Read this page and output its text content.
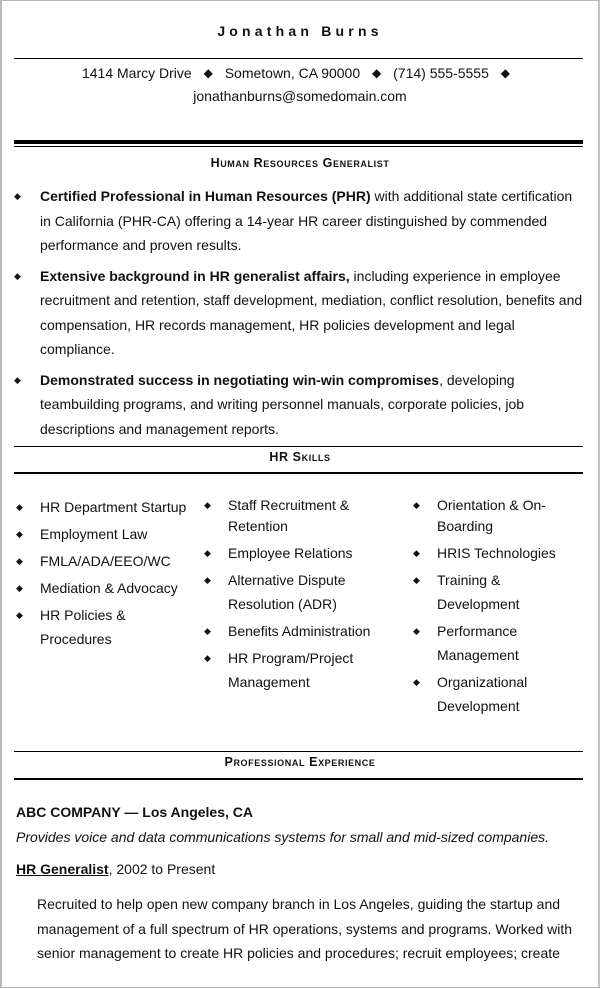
Jonathan Burns
1414 Marcy Drive ◆ Sometown, CA 90000 ◆ (714) 555-5555 ◆
jonathanburns@somedomain.com
Human Resources Generalist
◆ Certified Professional in Human Resources (PHR) with additional state certification in California (PHR-CA) offering a 14-year HR career distinguished by commended performance and proven results.
◆ Extensive background in HR generalist affairs, including experience in employee recruitment and retention, staff development, mediation, conflict resolution, benefits and compensation, HR records management, HR policies development and legal compliance.
◆ Demonstrated success in negotiating win-win compromises, developing teambuilding programs, and writing personnel manuals, corporate policies, job descriptions and management reports.
HR Skills
◆ HR Department Startup
◆ Employment Law
◆ FMLA/ADA/EEO/WC
◆ Mediation & Advocacy
◆ HR Policies & Procedures
◆ Staff Recruitment & Retention
◆ Employee Relations
◆ Alternative Dispute Resolution (ADR)
◆ Benefits Administration
◆ HR Program/Project Management
◆ Orientation & On-Boarding
◆ HRIS Technologies
◆ Training & Development
◆ Performance Management
◆ Organizational Development
Professional Experience
ABC COMPANY — Los Angeles, CA
Provides voice and data communications systems for small and mid-sized companies.
HR Generalist, 2002 to Present
Recruited to help open new company branch in Los Angeles, guiding the startup and management of a full spectrum of HR operations, systems and programs. Worked with senior management to create HR policies and procedures; recruit employees; create
